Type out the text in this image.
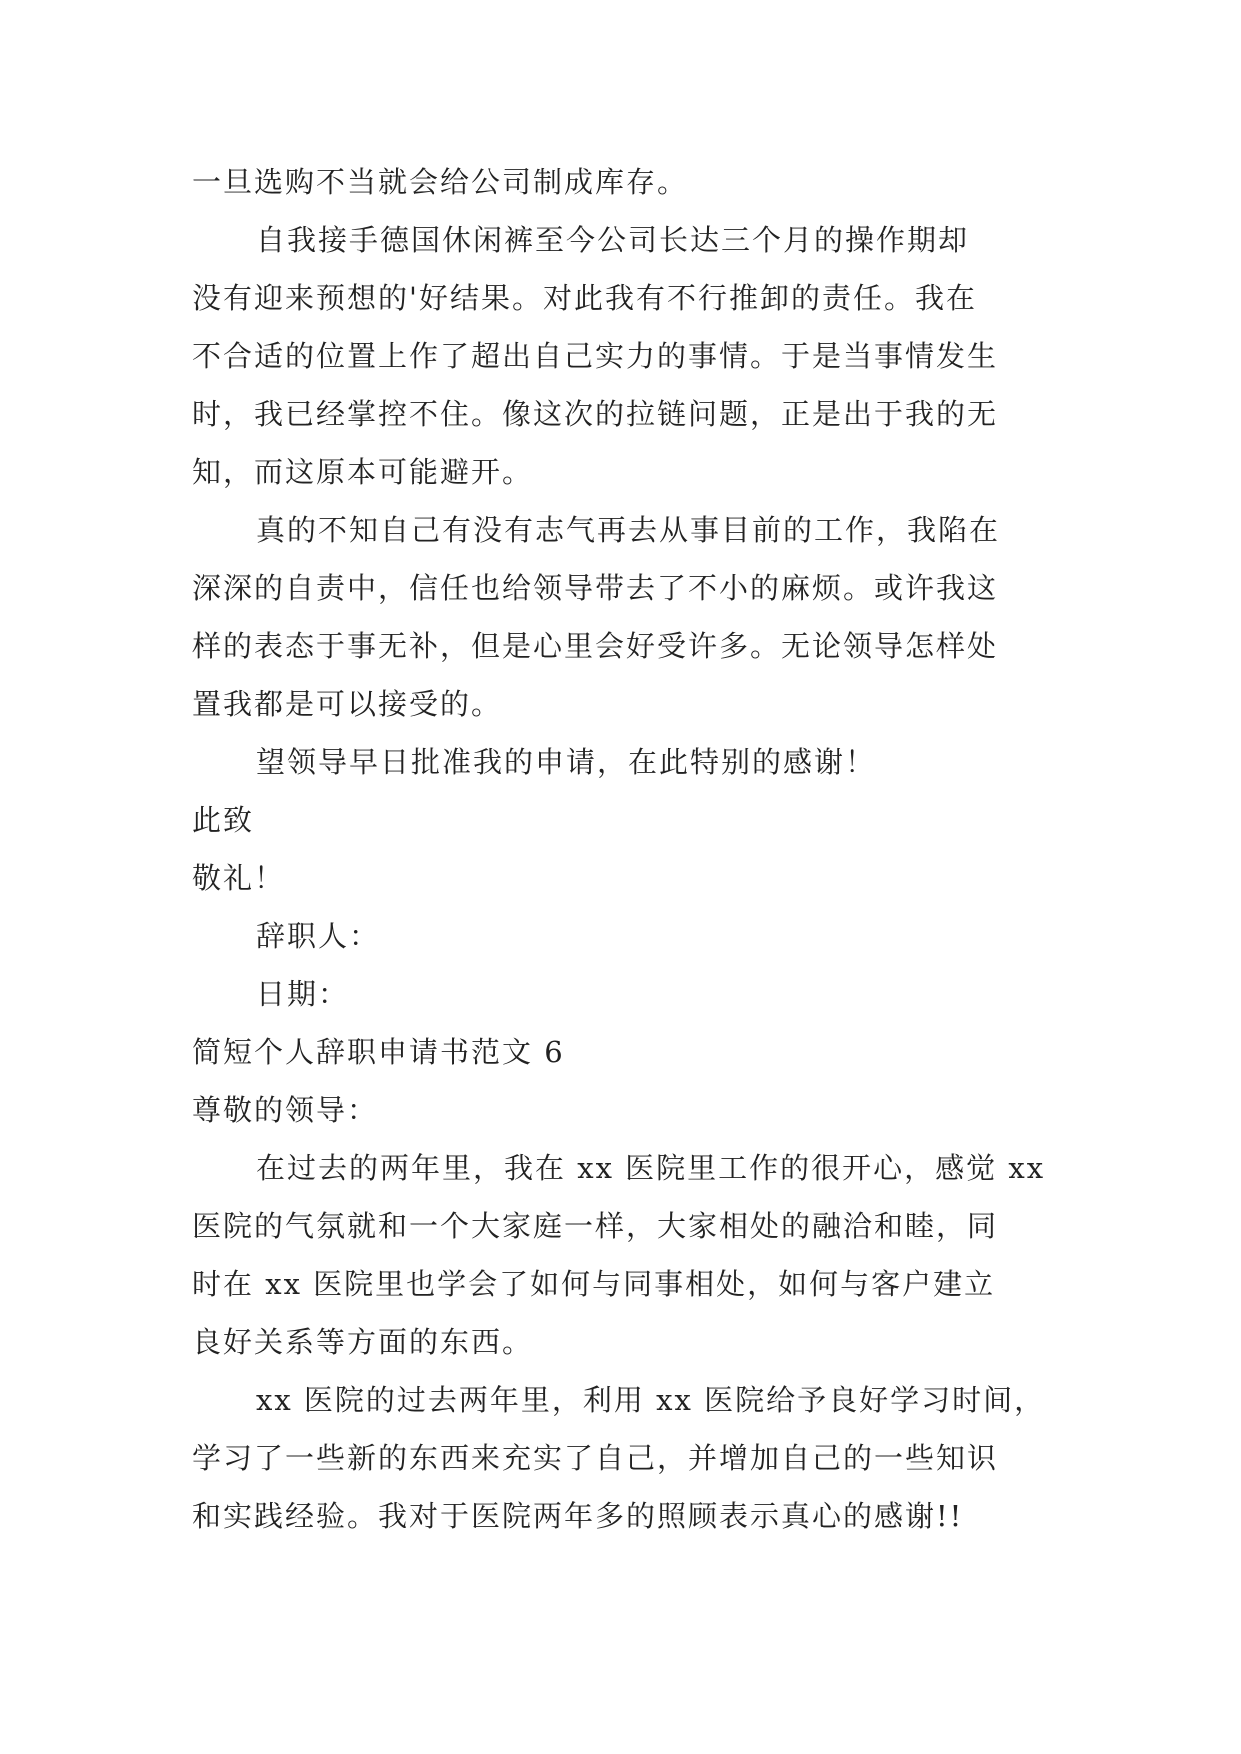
一旦选购不当就会给公司制成库存。
自我接手德国休闲裤至今公司长达三个月的操作期却
没有迎来预想的'好结果。对此我有不行推卸的责任。我在
不合适的位置上作了超出自己实力的事情。于是当事情发生
时，我已经掌控不住。像这次的拉链问题，正是出于我的无
知，而这原本可能避开。
真的不知自己有没有志气再去从事目前的工作，我陷在
深深的自责中，信任也给领导带去了不小的麻烦。或许我这
样的表态于事无补，但是心里会好受许多。无论领导怎样处
置我都是可以接受的。
望领导早日批准我的申请，在此特别的感谢！
此致
敬礼！
辞职人：
日期：
简短个人辞职申请书范文 6
尊敬的领导：
在过去的两年里，我在 xx 医院里工作的很开心，感觉 xx
医院的气氛就和一个大家庭一样，大家相处的融洽和睦，同
时在 xx 医院里也学会了如何与同事相处，如何与客户建立
良好关系等方面的东西。
xx 医院的过去两年里，利用 xx 医院给予良好学习时间，
学习了一些新的东西来充实了自己，并增加自己的一些知识
和实践经验。我对于医院两年多的照顾表示真心的感谢!!
